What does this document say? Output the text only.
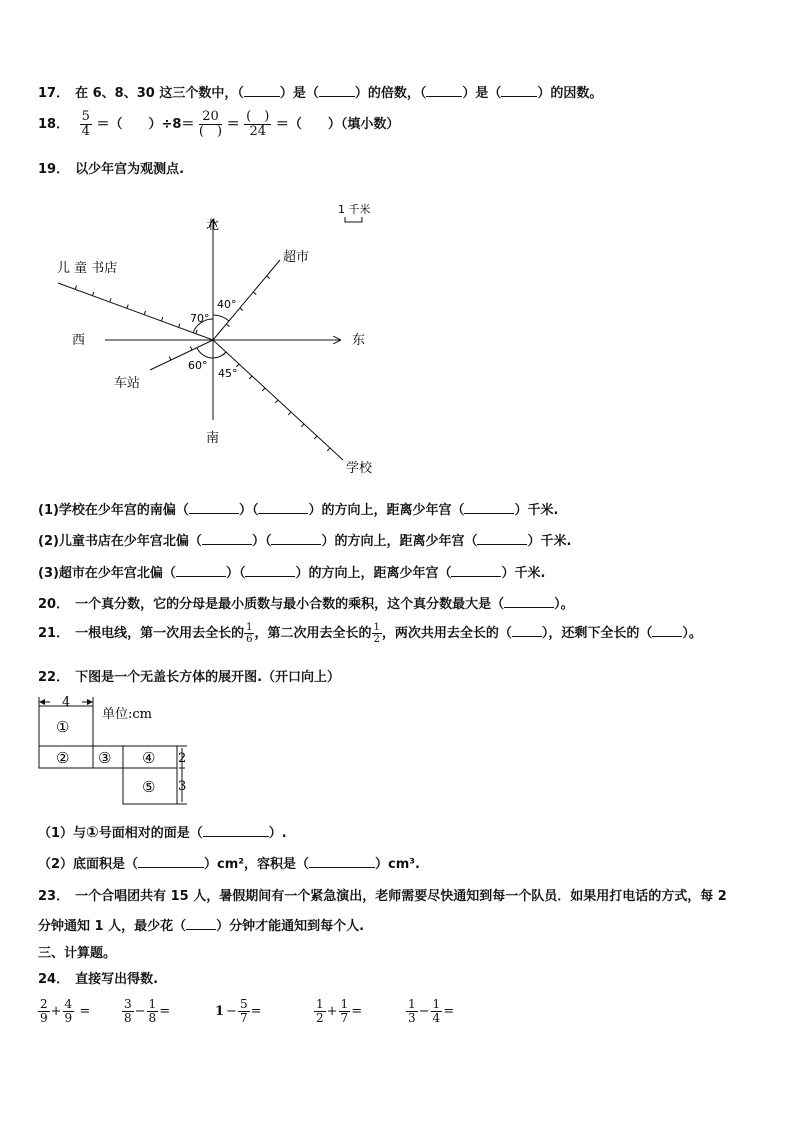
17． 在 6、8、30 这三个数中，（	）是（	）的倍数，（	）是（	）的因数。
18． $\frac{5}{4}$ ＝（　　）$\div 8= \frac{20}{( )} = \frac{( )}{24}$ ＝（　　）（填小数）
19． 以少年宫为观测点.
1 千米
北
南
东
西
超市
儿 童 书店
车站
学校
40°
70°
60°
45°
(1)学校在少年宫的南偏（	）（	）的方向上，距离少年宫（	）千米.
(2)儿童书店在少年宫北偏（	）（	）的方向上，距离少年宫（	）千米.
(3)超市在少年宫北偏（	）（	）的方向上，距离少年宫（	）千米.
20． 一个真分数，它的分母是最小质数与最小合数的乘积，这个真分数最大是（	）。
21． 一根电线，第一次用去全长的 $\frac{1}{6}$ ，第二次用去全长的 $\frac{1}{2}$ ，两次共用去全长的（ ），还剩下全长的（ ）。
22． 下图是一个无盖长方体的展开图.（开口向上）
4
单位:cm
①
② ③ ④
⑤
2
3
（1）与①号面相对的面是（	）.
（2）底面积是（	）cm²，容积是（	）cm³.
23． 一个合唱团共有 15 人，暑假期间有一个紧急演出，老师需要尽快通知到每一个队员．如果用打电话的方式，每 2
分钟通知 1 人，最少花（ ）分钟才能通知到每个人.
三、计算题。
24． 直接写出得数.
$\frac{2}{9} + \frac{4}{9}$ =	$\frac{3}{8} - \frac{1}{8}$ =	$1 - \frac{5}{7}$ =	$\frac{1}{2} + \frac{1}{7}$ =	$\frac{1}{3} - \frac{1}{4}$ =
